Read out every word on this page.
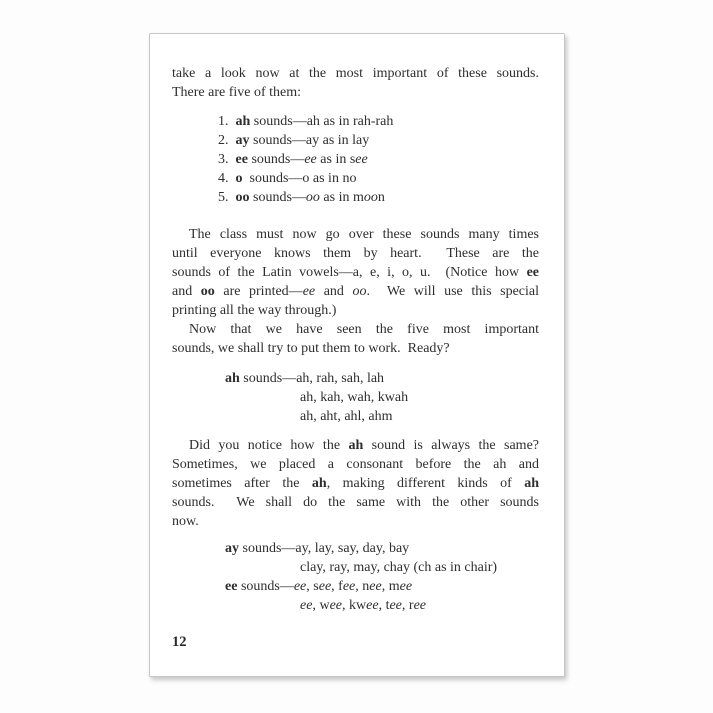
take a look now at the most important of these sounds.
There are five of them:
1.  ah sounds—ah as in rah-rah
2.  ay sounds—ay as in lay
3.  ee sounds—ee as in see
4.  o  sounds—o as in no
5.  oo sounds—oo as in moon
The class must now go over these sounds many times
until everyone knows them by heart.  These are the
sounds of the Latin vowels—a, e, i, o, u.  (Notice how ee
and oo are printed—ee and oo.  We will use this special
printing all the way through.)
Now that we have seen the five most important
sounds, we shall try to put them to work.  Ready?
ah sounds—ah, rah, sah, lah
ah, kah, wah, kwah
ah, aht, ahl, ahm
Did you notice how the ah sound is always the same?
Sometimes, we placed a consonant before the ah and
sometimes after the ah, making different kinds of ah
sounds.  We shall do the same with the other sounds
now.
ay sounds—ay, lay, say, day, bay
clay, ray, may, chay (ch as in chair)
ee sounds—ee, see, fee, nee, mee
ee, wee, kwee, tee, ree
12
